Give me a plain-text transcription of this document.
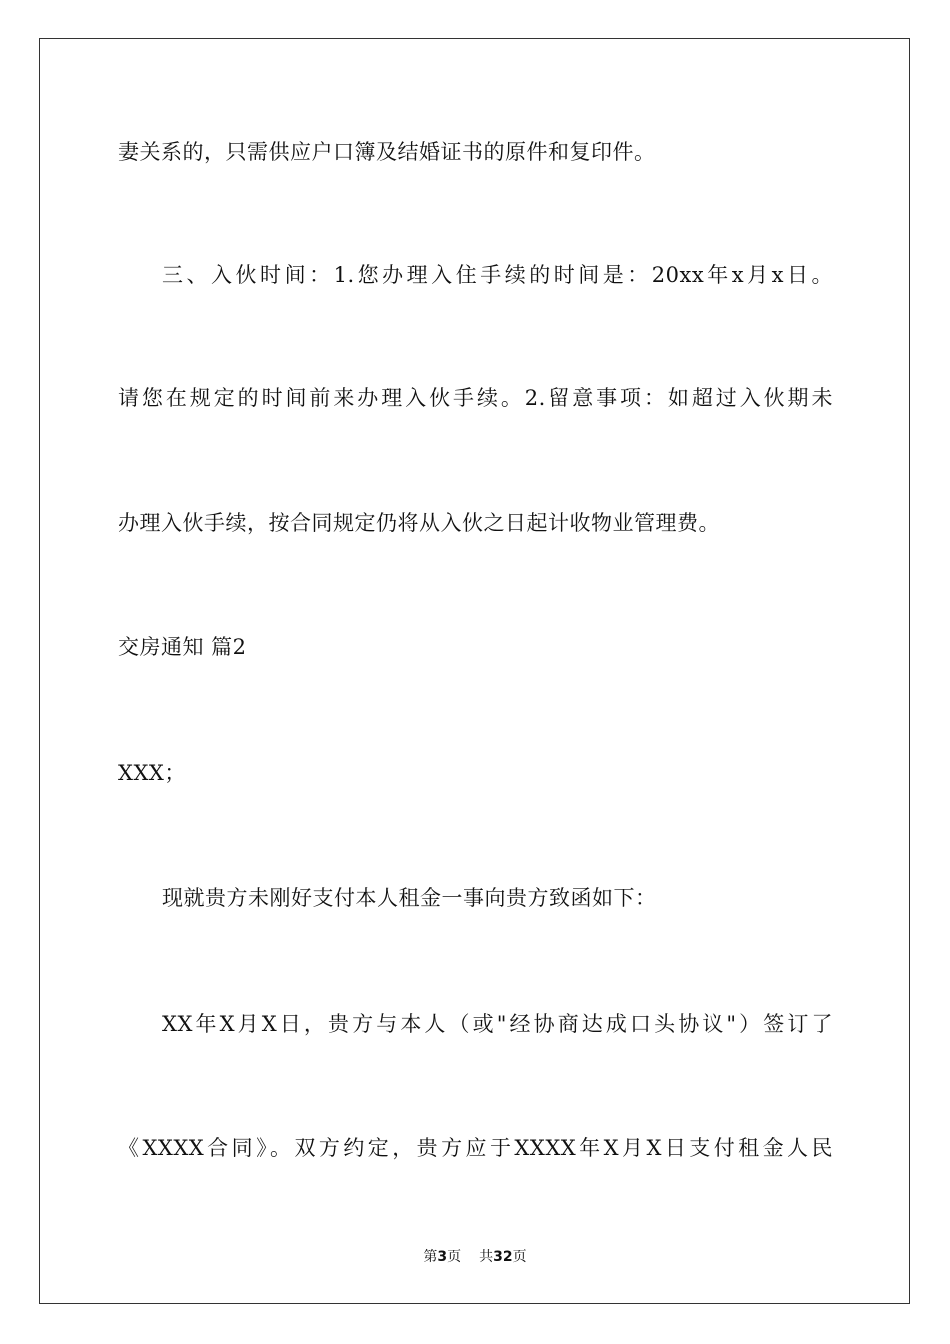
妻关系的，只需供应户口簿及结婚证书的原件和复印件。
三、入伙时间：1.您办理入住手续的时间是：20xx年x月x日。
请您在规定的时间前来办理入伙手续。2.留意事项：如超过入伙期未
办理入伙手续，按合同规定仍将从入伙之日起计收物业管理费。
交房通知 篇2
XXX；
现就贵方未刚好支付本人租金一事向贵方致函如下：
XX年X月X日，贵方与本人（或"经协商达成口头协议"）签订了
《XXXX合同》。双方约定，贵方应于XXXX年X月X日支付租金人民
第3页 共32页
